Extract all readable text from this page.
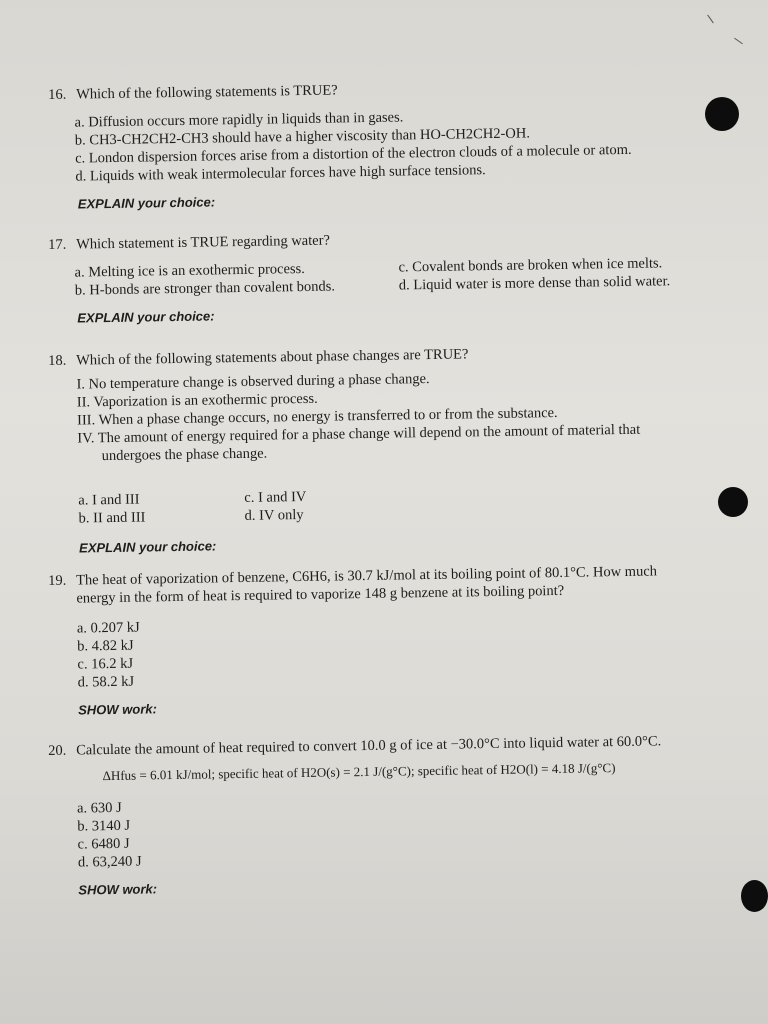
16. Which of the following statements is TRUE?
a. Diffusion occurs more rapidly in liquids than in gases.
b. CH3-CH2CH2-CH3 should have a higher viscosity than HO-CH2CH2-OH.
c. London dispersion forces arise from a distortion of the electron clouds of a molecule or atom.
d. Liquids with weak intermolecular forces have high surface tensions.
EXPLAIN your choice:
17. Which statement is TRUE regarding water?
a. Melting ice is an exothermic process.
b. H-bonds are stronger than covalent bonds.
c. Covalent bonds are broken when ice melts.
d. Liquid water is more dense than solid water.
EXPLAIN your choice:
18. Which of the following statements about phase changes are TRUE?
I. No temperature change is observed during a phase change.
II. Vaporization is an exothermic process.
III. When a phase change occurs, no energy is transferred to or from the substance.
IV. The amount of energy required for a phase change will depend on the amount of material that
undergoes the phase change.
a. I and III
b. II and III
c. I and IV
d. IV only
EXPLAIN your choice:
19. The heat of vaporization of benzene, C6H6, is 30.7 kJ/mol at its boiling point of 80.1°C. How much
energy in the form of heat is required to vaporize 148 g benzene at its boiling point?
a. 0.207 kJ
b. 4.82 kJ
c. 16.2 kJ
d. 58.2 kJ
SHOW work:
20. Calculate the amount of heat required to convert 10.0 g of ice at −30.0°C into liquid water at 60.0°C.
ΔHfus = 6.01 kJ/mol; specific heat of H2O(s) = 2.1 J/(g°C); specific heat of H2O(l) = 4.18 J/(g°C)
a. 630 J
b. 3140 J
c. 6480 J
d. 63,240 J
SHOW work:
